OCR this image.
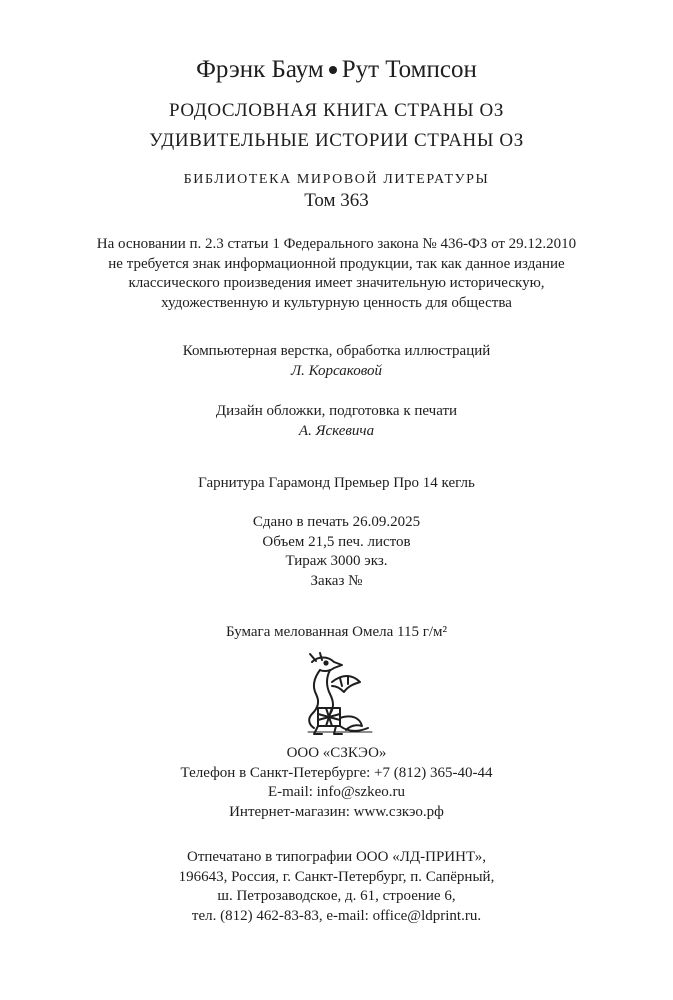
Фрэнк Баум Рут Томпсон
РОДОСЛОВНАЯ КНИГА СТРАНЫ ОЗ
УДИВИТЕЛЬНЫЕ ИСТОРИИ СТРАНЫ ОЗ
БИБЛИОТЕКА МИРОВОЙ ЛИТЕРАТУРЫ
Том 363
На основании п. 2.3 статьи 1 Федерального закона № 436-ФЗ от 29.12.2010
не требуется знак информационной продукции, так как данное издание
классического произведения имеет значительную историческую,
художественную и культурную ценность для общества
Компьютерная верстка, обработка иллюстраций
Л. Корсаковой
Дизайн обложки, подготовка к печати
А. Яскевича
Гарнитура Гарамонд Премьер Про 14 кегль
Сдано в печать 26.09.2025
Объем 21,5 печ. листов
Тираж 3000 экз.
Заказ №
Бумага мелованная Омела 115 г/м²
ООО «СЗКЭО»
Телефон в Санкт-Петербурге: +7 (812) 365-40-44
E-mail: info@szkeo.ru
Интернет-магазин: www.сзкэо.рф
Отпечатано в типографии ООО «ЛД-ПРИНТ»,
196643, Россия, г. Санкт-Петербург, п. Сапёрный,
ш. Петрозаводское, д. 61, строение 6,
тел. (812) 462-83-83, e-mail: office@ldprint.ru.
